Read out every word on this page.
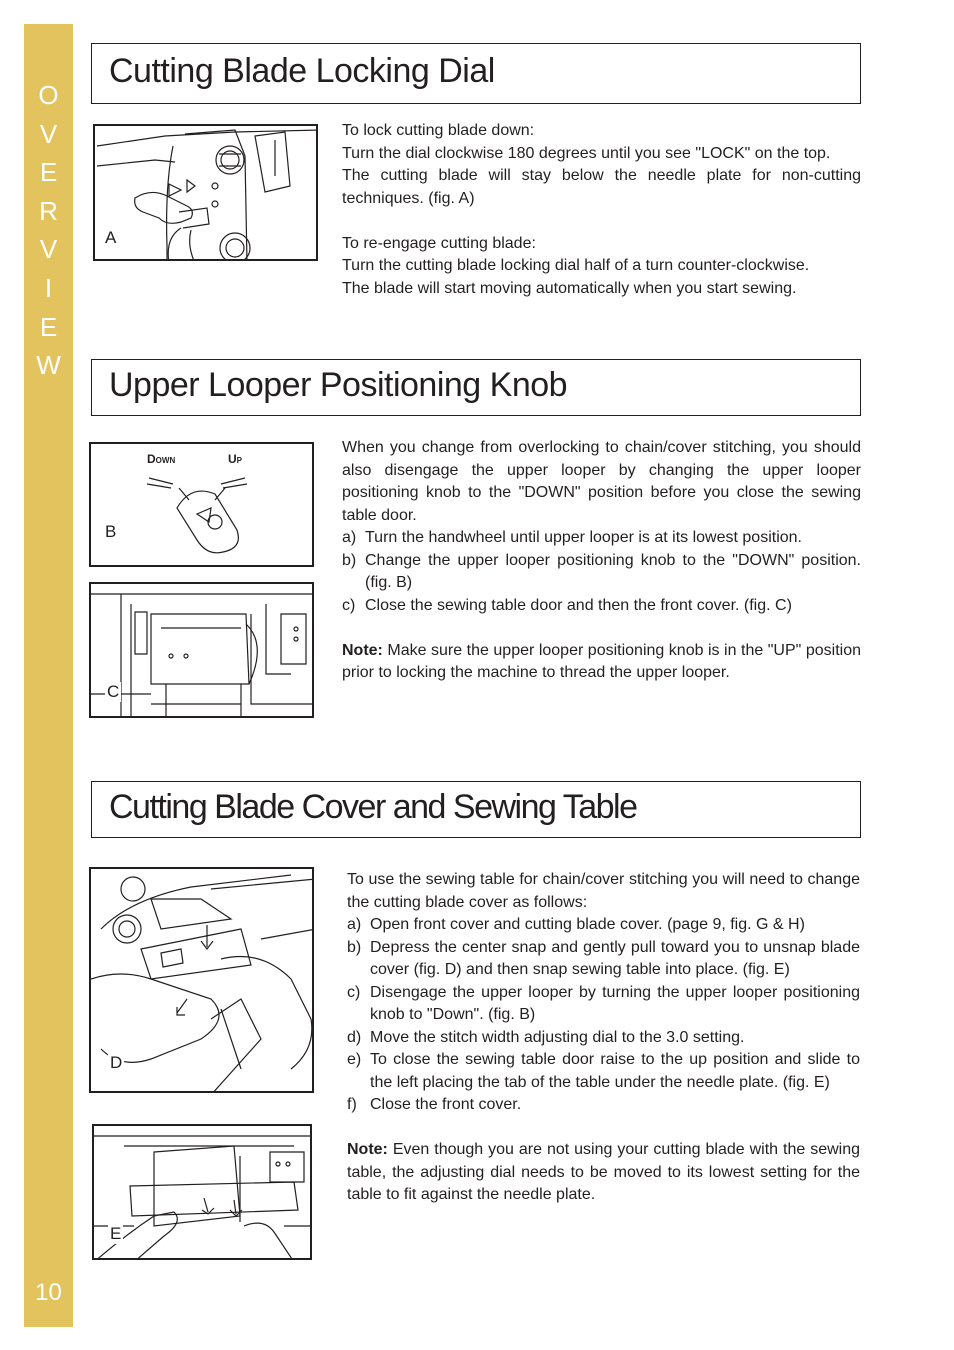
O
V
E
R
V
I
E
W
10
Cutting Blade Locking Dial
A

To lock cutting blade down:

Turn the dial clockwise 180 degrees until you see "LOCK" on the top.

The cutting blade will stay below the needle plate for non-cutting techniques. (fig. A)

To re-engage cutting blade:

Turn the cutting blade locking dial half of a turn counter-clockwise.

The blade will start moving automatically when you start sewing.

Upper Looper Positioning Knob
Down	Up
B
C

When you change from overlocking to chain/cover stitching, you should also disengage the upper looper by changing the upper looper positioning knob to the "DOWN" position before you close the sewing table door.

a) Turn the handwheel until upper looper is at its lowest position.
b) Change the upper looper positioning knob to the "DOWN" position. (fig. B)
c) Close the sewing table door and then the front cover. (fig. C)

Note: Make sure the upper looper positioning knob is in the "UP" position prior to locking the machine to thread the upper looper.

Cutting Blade Cover and Sewing Table
D
E

To use the sewing table for chain/cover stitching you will need to change the cutting blade cover as follows:

a) Open front cover and cutting blade cover. (page 9, fig. G & H)
b) Depress the center snap and gently pull toward you to unsnap blade cover (fig. D) and then snap sewing table into place. (fig. E)
c) Disengage the upper looper by turning the upper looper positioning knob to "Down". (fig. B)
d) Move the stitch width adjusting dial to the 3.0 setting.
e) To close the sewing table door raise to the up position and slide to the left placing the tab of the table under the needle plate. (fig. E)
f) Close the front cover.

Note: Even though you are not using your cutting blade with the sewing table, the adjusting dial needs to be moved to its lowest setting for the table to fit against the needle plate.
